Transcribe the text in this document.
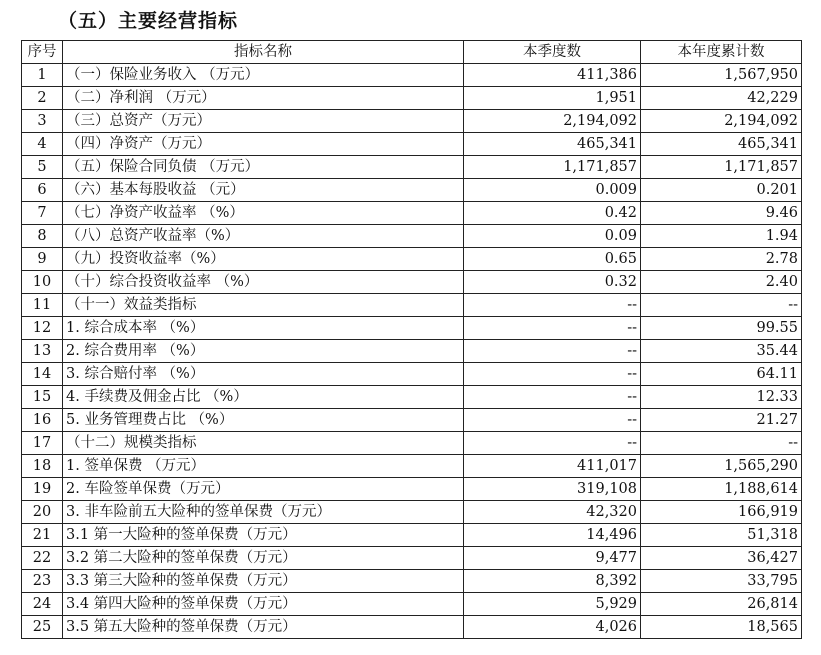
（五）主要经营指标
序号	指标名称	本季度数	本年度累计数
1	（一）保险业务收入 （万元）	411,386	1,567,950
2	（二）净利润 （万元）	1,951	42,229
3	（三）总资产（万元）	2,194,092	2,194,092
4	（四）净资产（万元）	465,341	465,341
5	（五）保险合同负债 （万元）	1,171,857	1,171,857
6	（六）基本每股收益 （元）	0.009	0.201
7	（七）净资产收益率 （%）	0.42	9.46
8	（八）总资产收益率（%）	0.09	1.94
9	（九）投资收益率（%）	0.65	2.78
10	（十）综合投资收益率 （%）	0.32	2.40
11	（十一）效益类指标	--	--
12	1. 综合成本率 （%）	--	99.55
13	2. 综合费用率 （%）	--	35.44
14	3. 综合赔付率 （%）	--	64.11
15	4. 手续费及佣金占比 （%）	--	12.33
16	5. 业务管理费占比 （%）	--	21.27
17	（十二）规模类指标	--	--
18	1. 签单保费 （万元）	411,017	1,565,290
19	2. 车险签单保费（万元）	319,108	1,188,614
20	3. 非车险前五大险种的签单保费（万元）	42,320	166,919
21	3.1 第一大险种的签单保费（万元）	14,496	51,318
22	3.2 第二大险种的签单保费（万元）	9,477	36,427
23	3.3 第三大险种的签单保费（万元）	8,392	33,795
24	3.4 第四大险种的签单保费（万元）	5,929	26,814
25	3.5 第五大险种的签单保费（万元）	4,026	18,565
